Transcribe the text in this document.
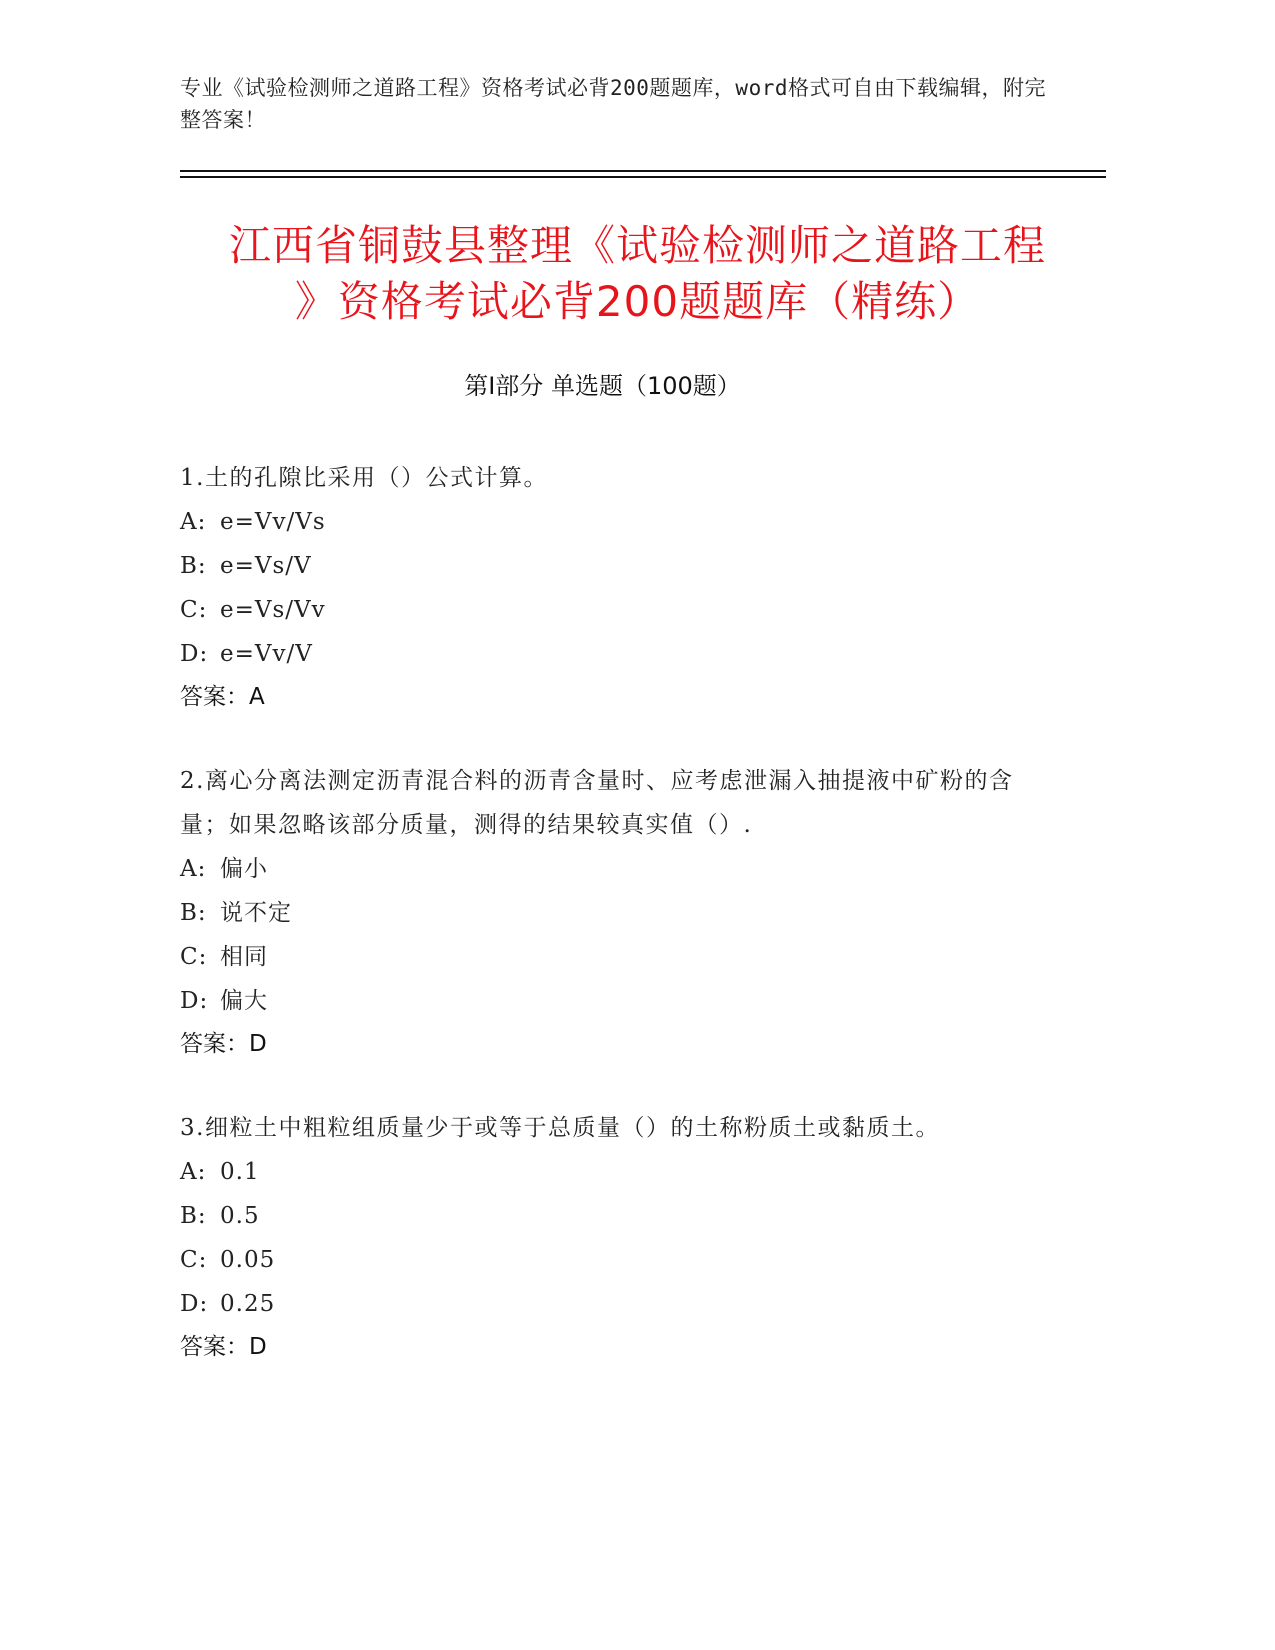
专业《试验检测师之道路工程》资格考试必背200题题库，word格式可自由下载编辑，附完整答案！
江西省铜鼓县整理《试验检测师之道路工程
》资格考试必背200题题库（精练）
第Ⅰ部分 单选题（100题）
1.土的孔隙比采用（）公式计算。
A: e=Vv/Vs
B: e=Vs/V
C: e=Vs/Vv
D: e=Vv/V
答案：A
2.离心分离法测定沥青混合料的沥青含量时、应考虑泄漏入抽提液中矿粉的含量；如果忽略该部分质量，测得的结果较真实值（）.
A: 偏小
B: 说不定
C: 相同
D: 偏大
答案：D
3.细粒土中粗粒组质量少于或等于总质量（）的土称粉质土或黏质土。
A: 0.1
B: 0.5
C: 0.05
D: 0.25
答案：D
